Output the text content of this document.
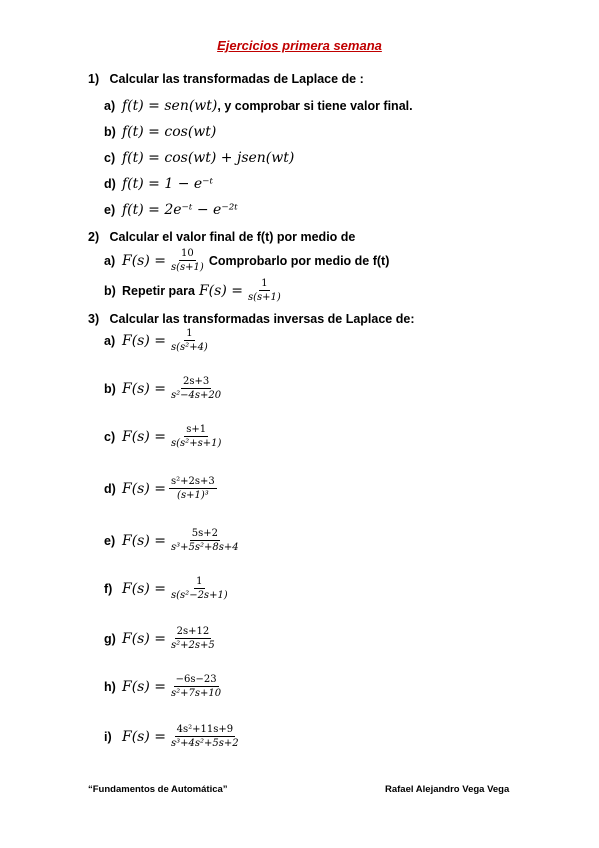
Ejercicios primera semana
1) Calcular las transformadas de Laplace de :
a) f(t) = sen(wt) , y comprobar si tiene valor final.
b) f(t) = cos(wt)
c) f(t) = cos(wt) + jsen(wt)
d) f(t) = 1 − e⁻ᵗ
e) f(t) = 2e⁻ᵗ − e⁻²ᵗ
2) Calcular el valor final de f(t) por medio de
a) $F(s) = \frac{10}{s(s+1)}$ Comprobarlo por medio de f(t)
b) Repetir para $F(s) = \frac{1}{s(s+1)}$
3) Calcular las transformadas inversas de Laplace de:
a) $F(s) = \frac{1}{\text{s(s²+4)}}$
b) $F(s) = \frac{2s+3}{\text{s²−4s+20}}$
c) $F(s) = \frac{s+1}{\text{s(s²+s+1)}}$
d) $F(s) = \frac{\text{s²+2s+3}}{\text{(s+1)³}}$
e) $F(s) = \frac{5s+2}{\text{s³+5s²+8s+4}}$
f) $F(s) = \frac{1}{\text{s(s²−2s+1)}}$
g) $F(s) = \frac{2s+12}{\text{s²+2s+5}}$
h) $F(s) = \frac{-6s-23}{\text{s²+7s+10}}$
i) $F(s) = \frac{\text{4s²+11s+9}}{\text{s³+4s²+5s+2}}$
“Fundamentos de Automática”	Rafael Alejandro Vega Vega
